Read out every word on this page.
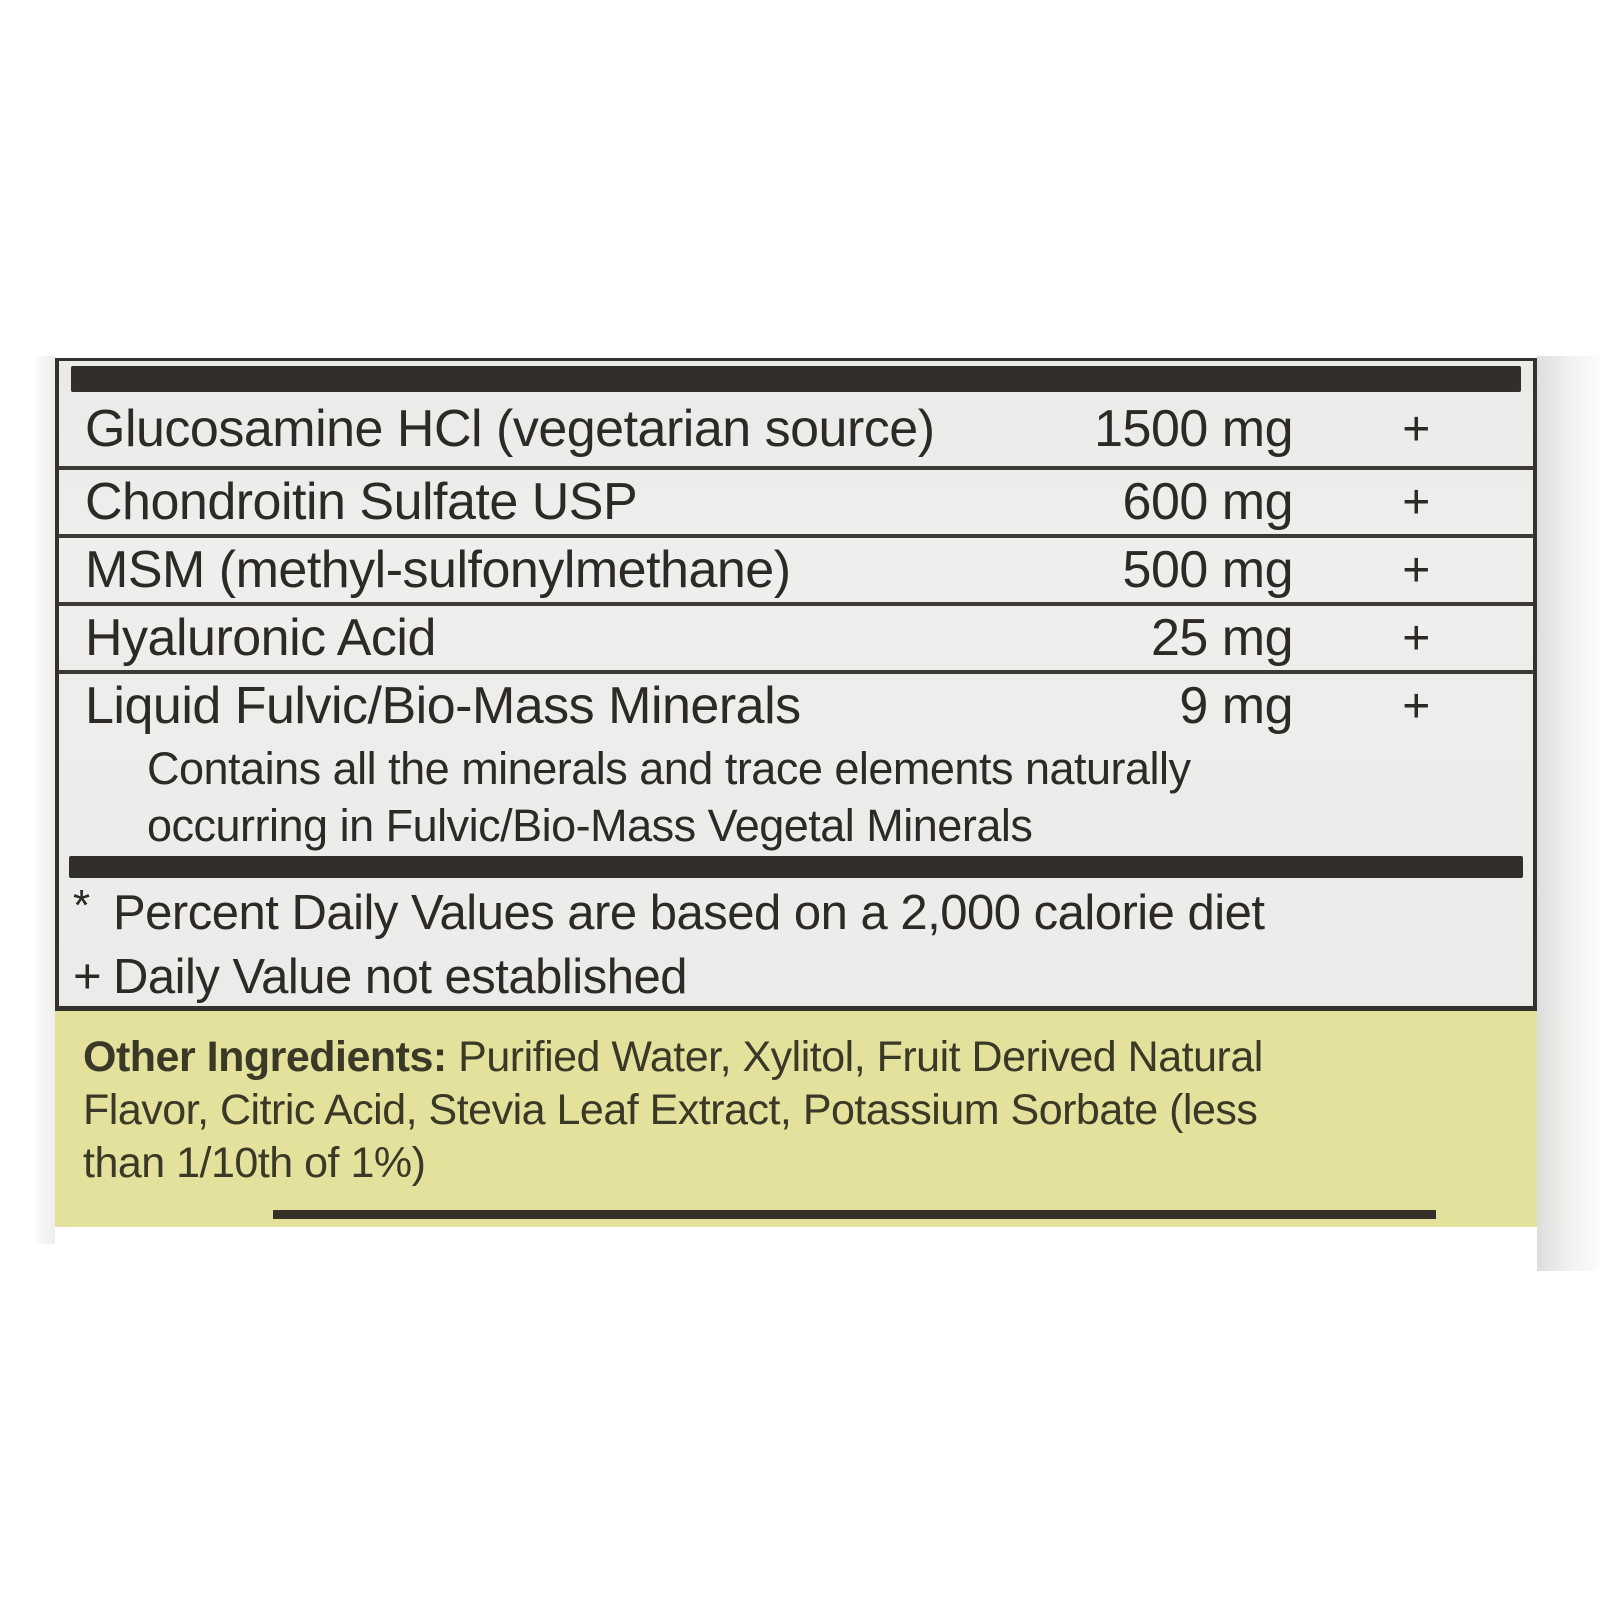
Glucosamine HCl (vegetarian source)	1500 mg +
Chondroitin Sulfate USP	600 mg +
MSM (methyl-sulfonylmethane)	500 mg +
Hyaluronic Acid	25 mg +
Liquid Fulvic/Bio-Mass Minerals	9 mg +
Contains all the minerals and trace elements naturally
occurring in Fulvic/Bio-Mass Vegetal Minerals
* Percent Daily Values are based on a 2,000 calorie diet
+ Daily Value not established
Other Ingredients: Purified Water, Xylitol, Fruit Derived Natural
Flavor, Citric Acid, Stevia Leaf Extract, Potassium Sorbate (less
than 1/10th of 1%)
